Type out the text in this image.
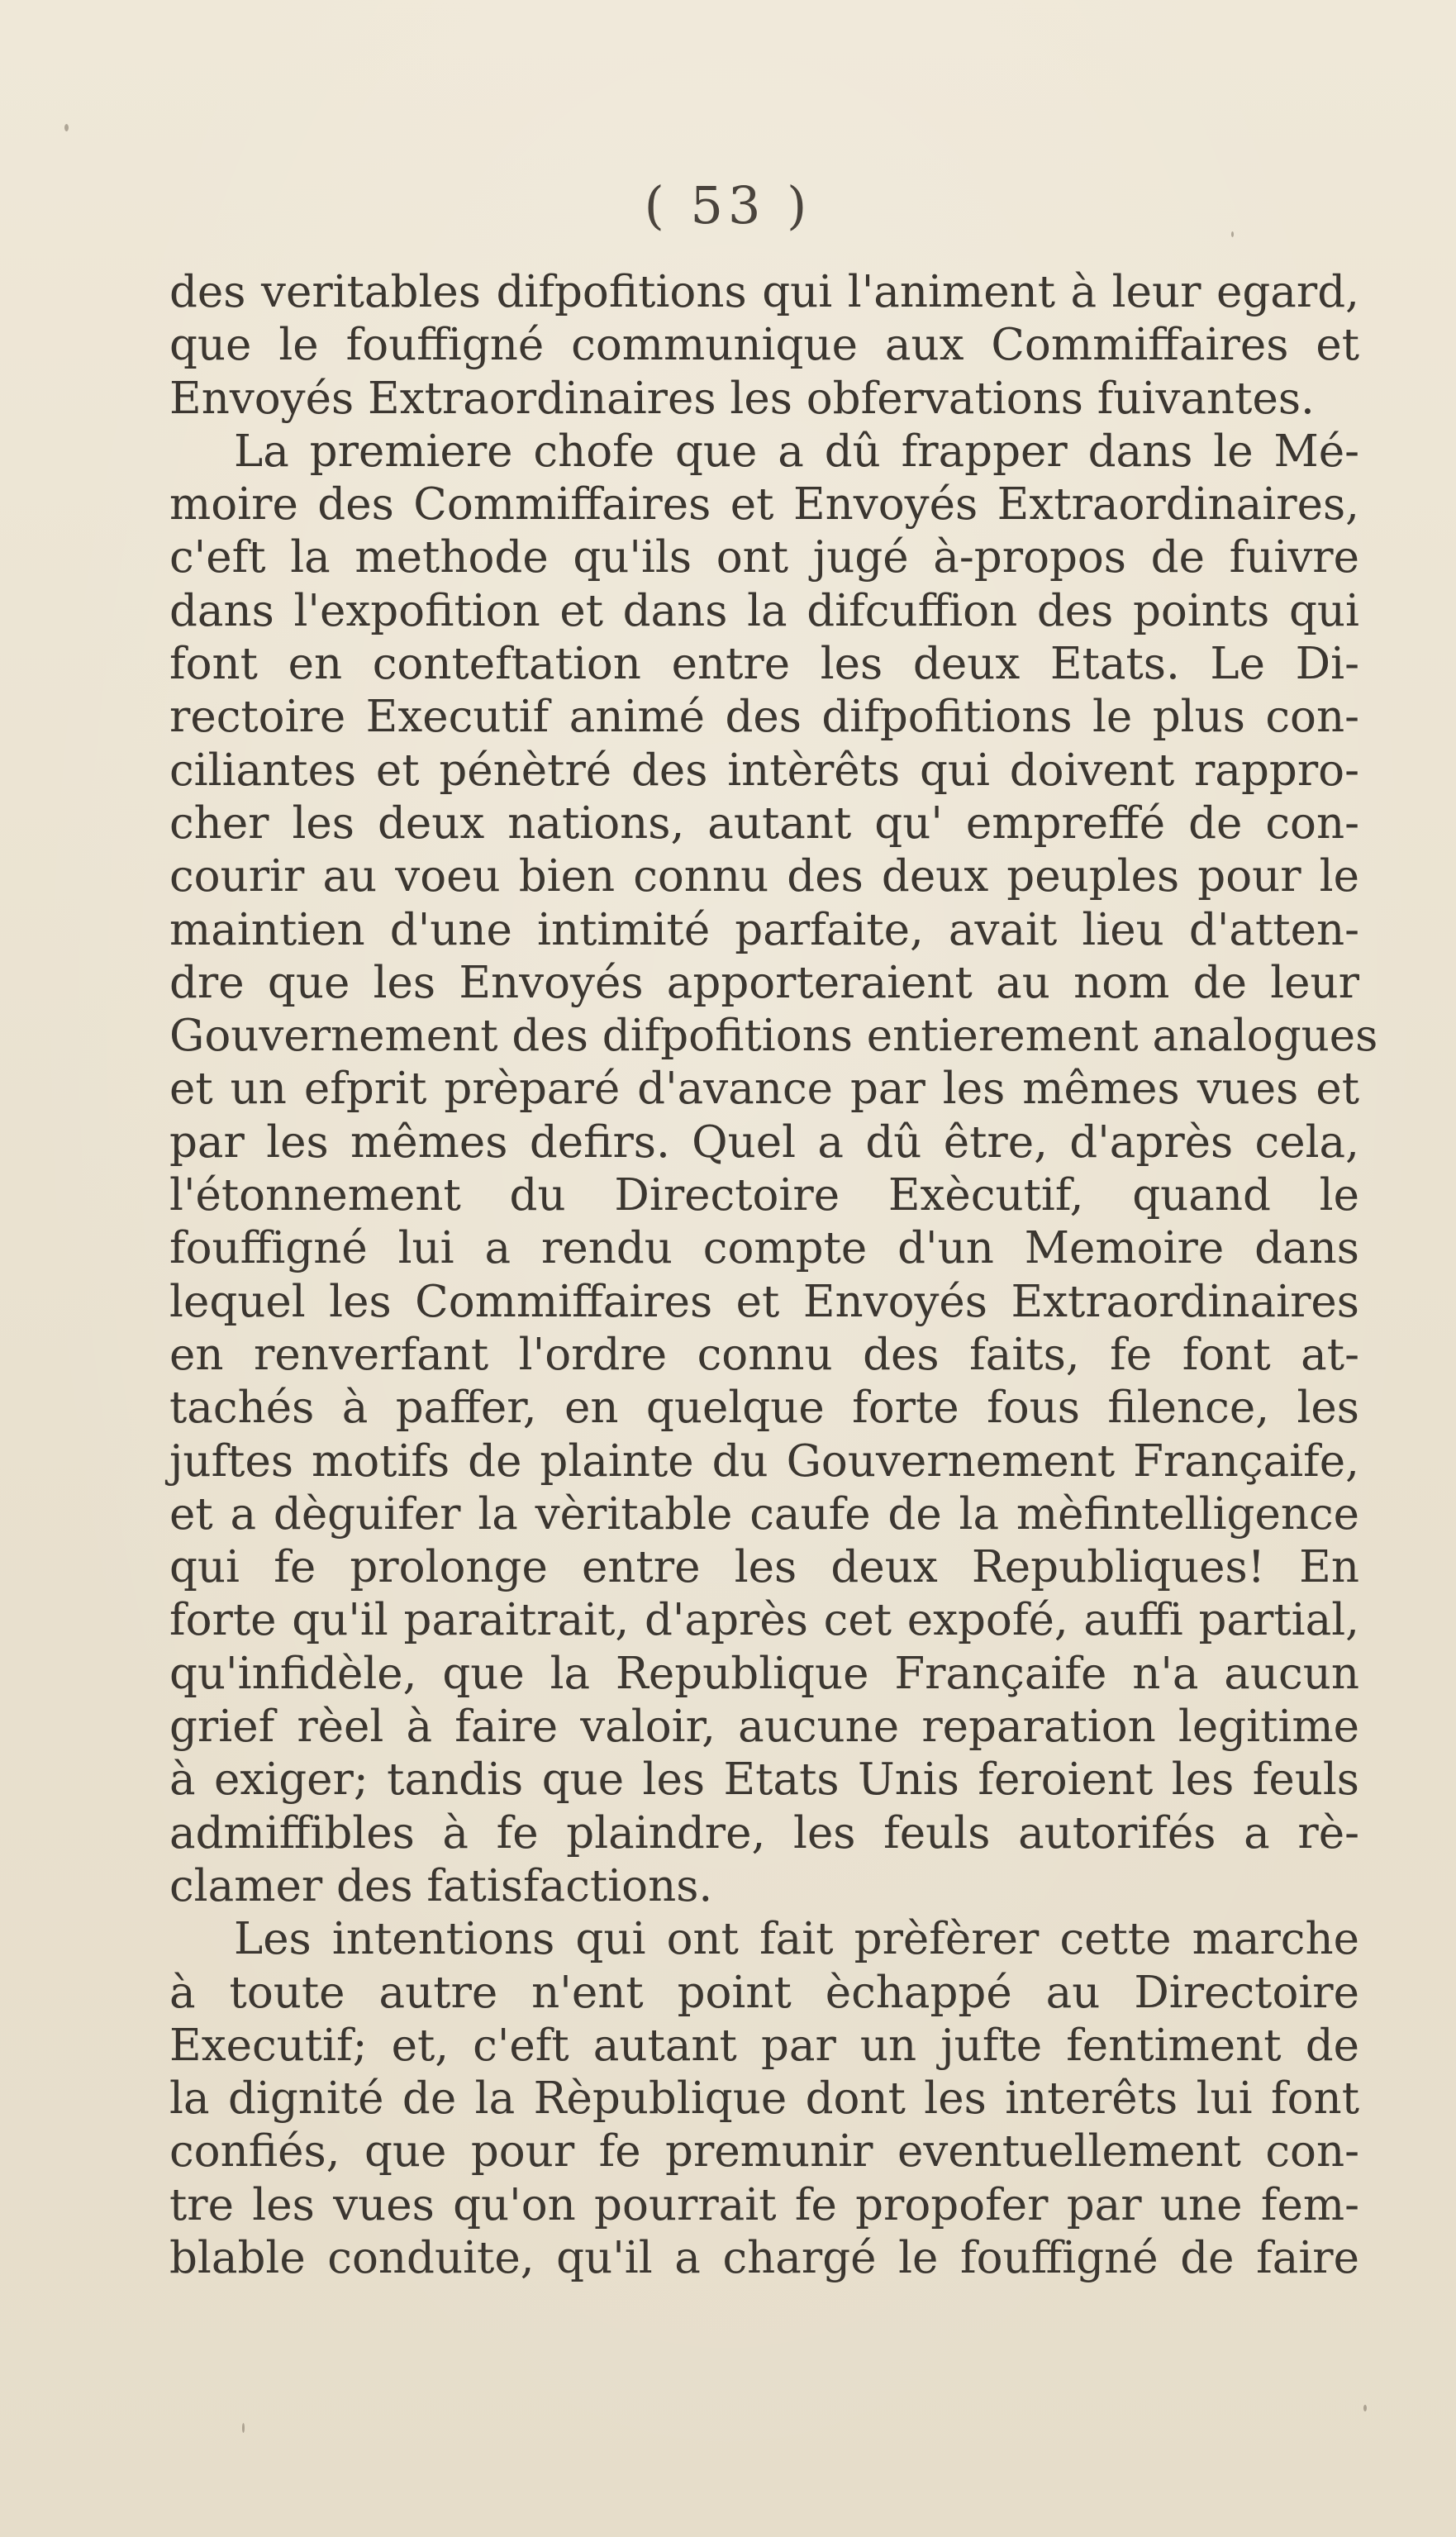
( 53 )
des veritables difpofitions qui l'animent à leur egard,
que le fouffigné communique aux Commiffaires et
Envoyés Extraordinaires les obfervations fuivantes.
La premiere chofe que a dû frapper dans le Mé-
moire des Commiffaires et Envoyés Extraordinaires,
c'eft la methode qu'ils ont jugé à-propos de fuivre
dans l'expofition et dans la difcuffion des points qui
font en conteftation entre les deux Etats. Le Di-
rectoire Executif animé des difpofitions le plus con-
ciliantes et pénètré des intèrêts qui doivent rappro-
cher les deux nations, autant qu' empreffé de con-
courir au voeu bien connu des deux peuples pour le
maintien d'une intimité parfaite, avait lieu d'atten-
dre que les Envoyés apporteraient au nom de leur
Gouvernement des difpofitions entierement analogues
et un efprit prèparé d'avance par les mêmes vues et
par les mêmes defirs. Quel a dû être, d'après cela,
l'étonnement du Directoire Exècutif, quand le
fouffigné lui a rendu compte d'un Memoire dans
lequel les Commiffaires et Envoyés Extraordinaires
en renverfant l'ordre connu des faits, fe font at-
tachés à paffer, en quelque forte fous filence, les
juftes motifs de plainte du Gouvernement Françaife,
et a dèguifer la vèritable caufe de la mèfintelligence
qui fe prolonge entre les deux Republiques! En
forte qu'il paraitrait, d'après cet expofé, auffi partial,
qu'infidèle, que la Republique Françaife n'a aucun
grief rèel à faire valoir, aucune reparation legitime
à exiger; tandis que les Etats Unis feroient les feuls
admiffibles à fe plaindre, les feuls autorifés a rè-
clamer des fatisfactions.
Les intentions qui ont fait prèfèrer cette marche
à toute autre n'ent point èchappé au Directoire
Executif; et, c'eft autant par un jufte fentiment de
la dignité de la Rèpublique dont les interêts lui font
confiés, que pour fe premunir eventuellement con-
tre les vues qu'on pourrait fe propofer par une fem-
blable conduite, qu'il a chargé le fouffigné de faire
